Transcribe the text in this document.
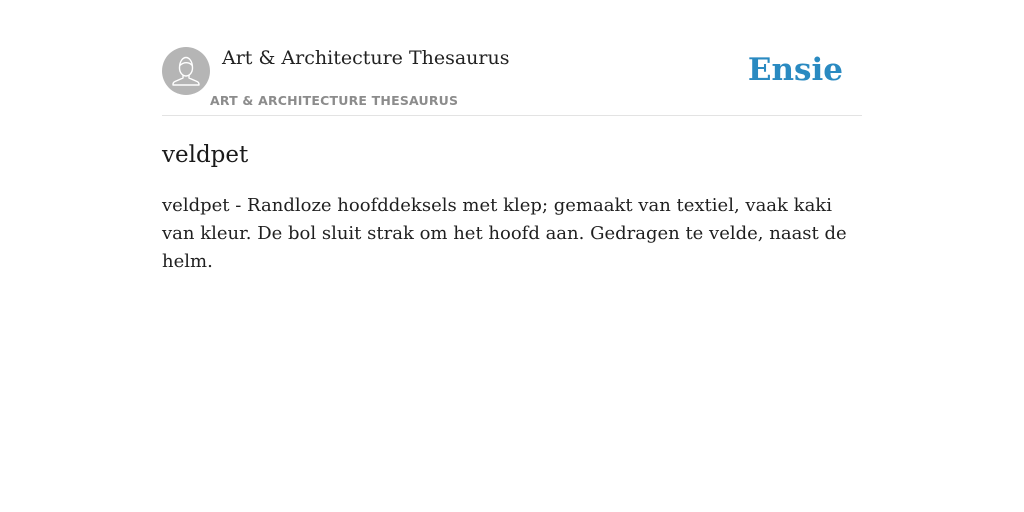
Art & Architecture Thesaurus
ART & ARCHITECTURE THESAURUS
Ensie
veldpet

veldpet - Randloze hoofddeksels met klep; gemaakt van textiel, vaak kaki van kleur. De bol sluit strak om het hoofd aan. Gedragen te velde, naast de helm.
